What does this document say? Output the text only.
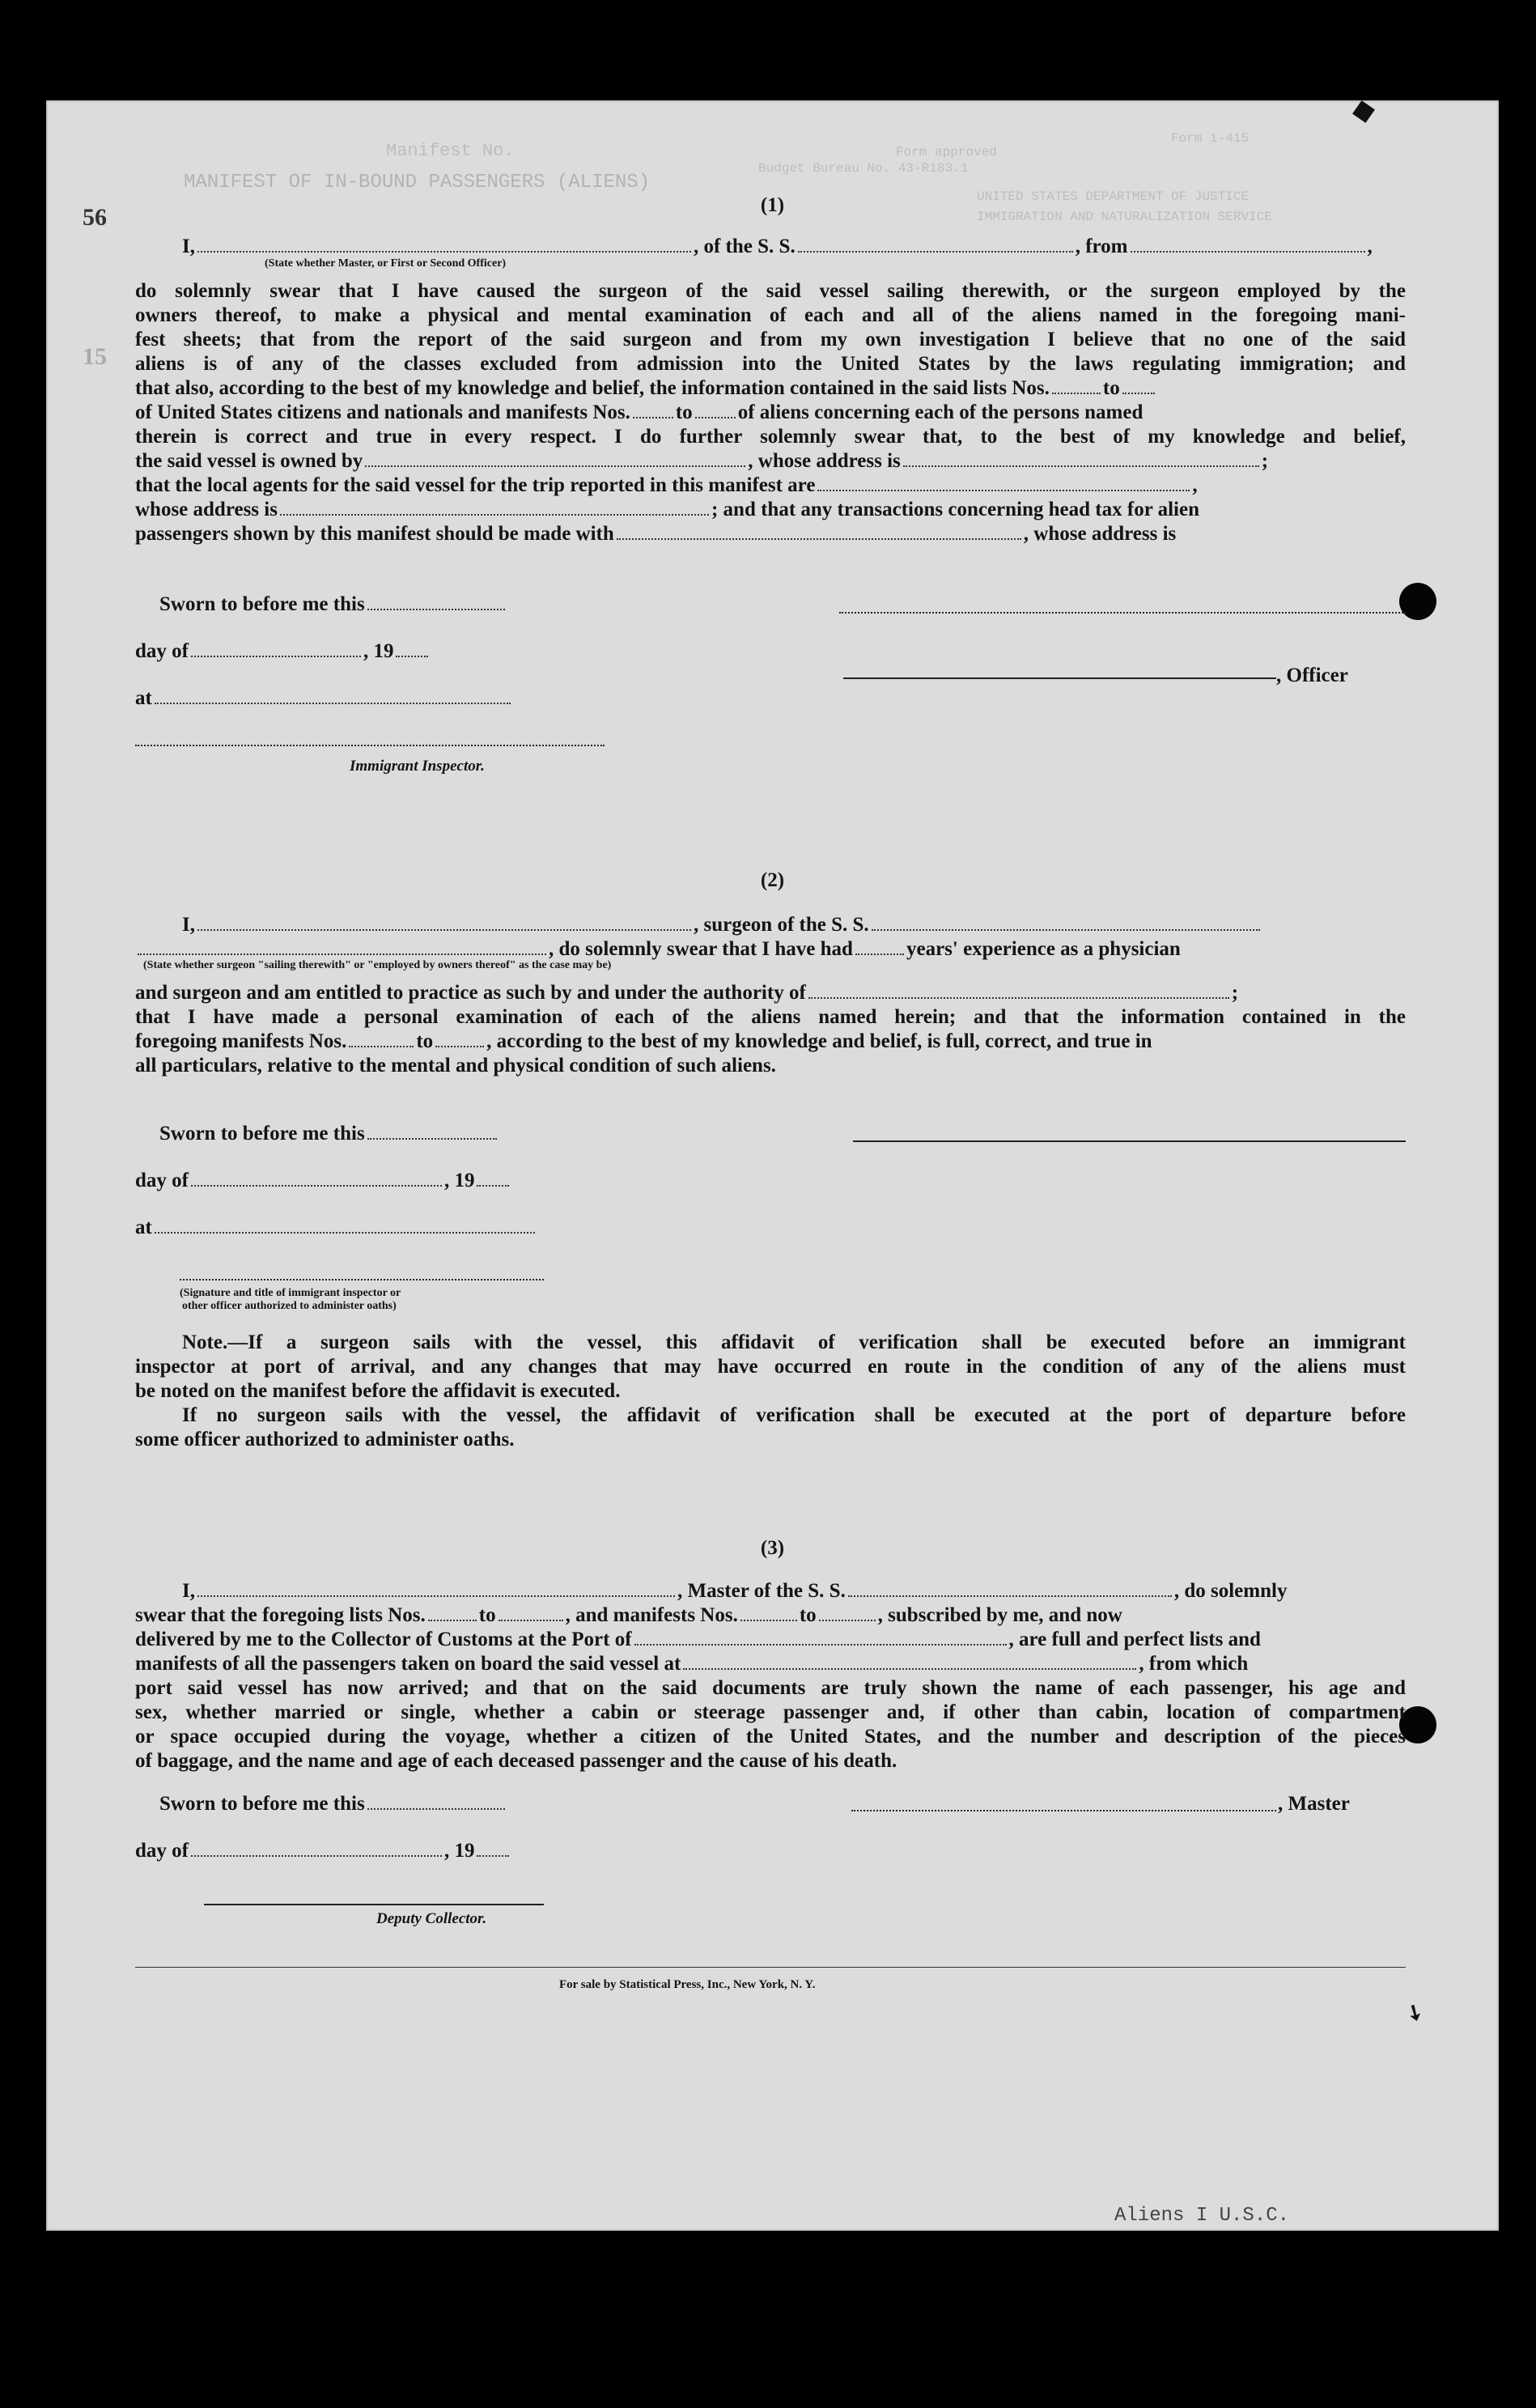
Manifest No.
MANIFEST OF IN-BOUND PASSENGERS (ALIENS)
Form 1-415
Form approved
Budget Bureau No. 43-R183.1
UNITED STATES DEPARTMENT OF JUSTICE
IMMIGRATION AND NATURALIZATION SERVICE
Aliens I U.S.C.
56
15
(1)
I,	, of the S. S.	, from	,
(State whether Master, or First or Second Officer)
do solemnly swear that I have caused the surgeon of the said vessel sailing therewith, or the surgeon employed by the
owners thereof, to make a physical and mental examination of each and all of the aliens named in the foregoing mani-
fest sheets; that from the report of the said surgeon and from my own investigation I believe that no one of the said
aliens is of any of the classes excluded from admission into the United States by the laws regulating immigration; and
that also, according to the best of my knowledge and belief, the information contained in the said lists Nos.	to
of United States citizens and nationals and manifests Nos. to of aliens concerning each of the persons named
therein is correct and true in every respect. I do further solemnly swear that, to the best of my knowledge and belief,
the said vessel is owned by	, whose address is	;
that the local agents for the said vessel for the trip reported in this manifest are	,
whose address is	; and that any transactions concerning head tax for alien
passengers shown by this manifest should be made with	, whose address is
Sworn to before me this
day of	, 19
at
, Officer
Immigrant Inspector.
(2)
I,	, surgeon of the S. S.
, do solemnly swear that I have had	years' experience as a physician
(State whether surgeon "sailing therewith" or "employed by owners thereof" as the case may be)
and surgeon and am entitled to practice as such by and under the authority of	;
that I have made a personal examination of each of the aliens named herein; and that the information contained in the
foregoing manifests Nos.	to	, according to the best of my knowledge and belief, is full, correct, and true in
all particulars, relative to the mental and physical condition of such aliens.
Sworn to before me this
day of	, 19
at
(Signature and title of immigrant inspector or
other officer authorized to administer oaths)
Note.—If a surgeon sails with the vessel, this affidavit of verification shall be executed before an immigrant
inspector at port of arrival, and any changes that may have occurred en route in the condition of any of the aliens must
be noted on the manifest before the affidavit is executed.
If no surgeon sails with the vessel, the affidavit of verification shall be executed at the port of departure before
some officer authorized to administer oaths.
(3)
I,	, Master of the S. S.	, do solemnly
swear that the foregoing lists Nos.	to	, and manifests Nos.	to	, subscribed by me, and now
delivered by me to the Collector of Customs at the Port of	, are full and perfect lists and
manifests of all the passengers taken on board the said vessel at	, from which
port said vessel has now arrived; and that on the said documents are truly shown the name of each passenger, his age and
sex, whether married or single, whether a cabin or steerage passenger and, if other than cabin, location of compartment
or space occupied during the voyage, whether a citizen of the United States, and the number and description of the pieces
of baggage, and the name and age of each deceased passenger and the cause of his death.
Sworn to before me this	, Master
day of	, 19
Deputy Collector.
For sale by Statistical Press, Inc., New York, N. Y.
➘
